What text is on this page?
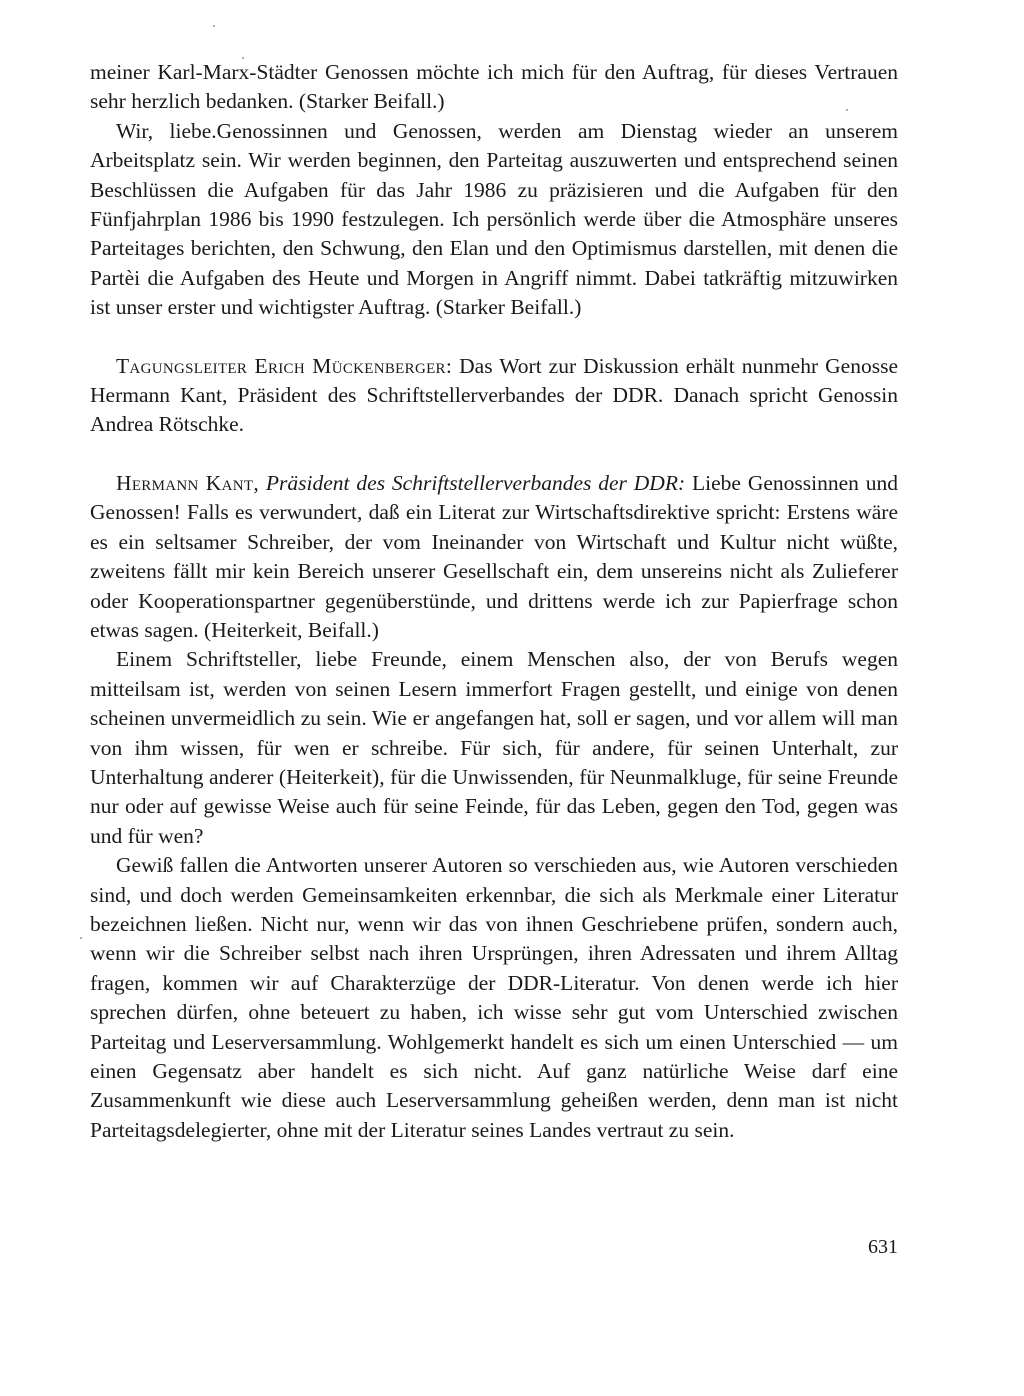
meiner Karl-Marx-Städter Genossen möchte ich mich für den Auftrag, für dieses Vertrauen sehr herzlich bedanken. (Starker Beifall.)

Wir, liebe.Genossinnen und Genossen, werden am Dienstag wieder an unserem Arbeitsplatz sein. Wir werden beginnen, den Parteitag auszuwerten und entsprechend seinen Beschlüssen die Aufgaben für das Jahr 1986 zu präzisieren und die Aufgaben für den Fünfjahrplan 1986 bis 1990 festzulegen. Ich persönlich werde über die Atmosphäre unseres Parteitages berichten, den Schwung, den Elan und den Optimismus darstellen, mit denen die Partèi die Aufgaben des Heute und Morgen in Angriff nimmt. Dabei tatkräftig mitzuwirken ist unser erster und wichtigster Auftrag. (Starker Beifall.)

Tagungsleiter Erich Mückenberger: Das Wort zur Diskussion erhält nunmehr Genosse Hermann Kant, Präsident des Schriftstellerverbandes der DDR. Danach spricht Genossin Andrea Rötschke.

Hermann Kant, Präsident des Schriftstellerverbandes der DDR: Liebe Genossinnen und Genossen! Falls es verwundert, daß ein Literat zur Wirtschaftsdirektive spricht: Erstens wäre es ein seltsamer Schreiber, der vom Ineinander von Wirtschaft und Kultur nicht wüßte, zweitens fällt mir kein Bereich unserer Gesellschaft ein, dem unsereins nicht als Zulieferer oder Kooperationspartner gegenüberstünde, und drittens werde ich zur Papierfrage schon etwas sagen. (Heiterkeit, Beifall.)

Einem Schriftsteller, liebe Freunde, einem Menschen also, der von Berufs wegen mitteilsam ist, werden von seinen Lesern immerfort Fragen gestellt, und einige von denen scheinen unvermeidlich zu sein. Wie er angefangen hat, soll er sagen, und vor allem will man von ihm wissen, für wen er schreibe. Für sich, für andere, für seinen Unterhalt, zur Unterhaltung anderer (Heiterkeit), für die Unwissenden, für Neunmalkluge, für seine Freunde nur oder auf gewisse Weise auch für seine Feinde, für das Leben, gegen den Tod, gegen was und für wen?

Gewiß fallen die Antworten unserer Autoren so verschieden aus, wie Autoren verschieden sind, und doch werden Gemeinsamkeiten erkennbar, die sich als Merkmale einer Literatur bezeichnen ließen. Nicht nur, wenn wir das von ihnen Geschriebene prüfen, sondern auch, wenn wir die Schreiber selbst nach ihren Ursprüngen, ihren Adressaten und ihrem Alltag fragen, kommen wir auf Charakterzüge der DDR-Literatur. Von denen werde ich hier sprechen dürfen, ohne beteuert zu haben, ich wisse sehr gut vom Unterschied zwischen Parteitag und Leserversammlung. Wohlgemerkt handelt es sich um einen Unterschied — um einen Gegensatz aber handelt es sich nicht. Auf ganz natürliche Weise darf eine Zusammenkunft wie diese auch Leserversammlung geheißen werden, denn man ist nicht Parteitagsdelegierter, ohne mit der Literatur seines Landes vertraut zu sein.

631
